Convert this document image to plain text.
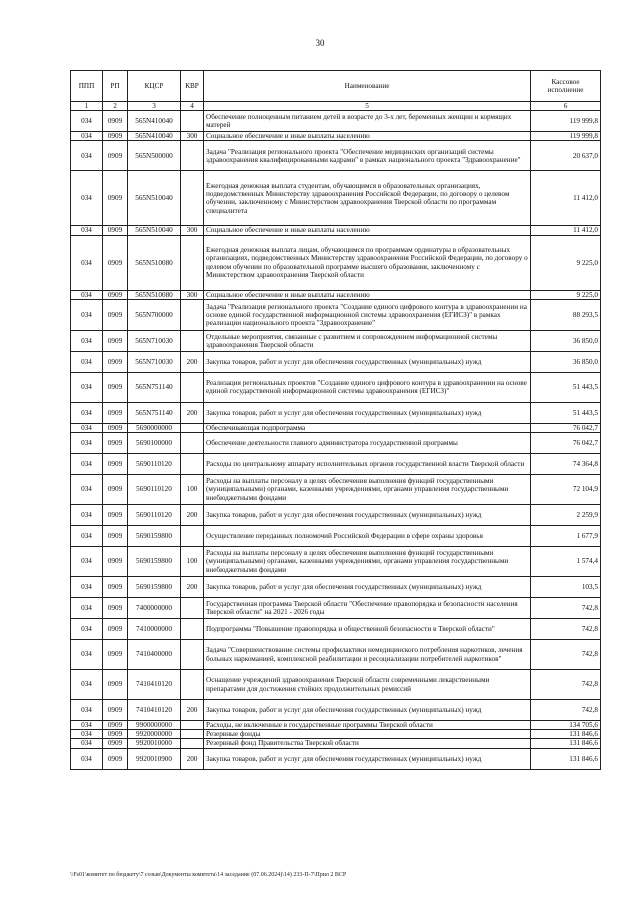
30
ППП	РП	КЦСР	КВР	Наименование	Кассовое исполнение
1	2	3	4	5	6
034	0909	565N410040		Обеспечение полноценным питанием детей в возрасте до 3-х лет, беременных женщин и кормящих матерей	119 999,8
034	0909	565N410040	300	Социальное обеспечение и иные выплаты населению	119 999,8
034	0909	565N500000		Задача "Реализация регионального проекта "Обеспечение медицинских организаций системы здравоохранения квалифицированными кадрами" в рамках национального проекта "Здравоохранение"	20 637,0
034	0909	565N510040		Ежегодная денежная выплата студентам, обучающимся в образовательных организациях, подведомственных Министерству здравоохранения Российской Федерации, по договору о целевом обучении, заключенному с Министерством здравоохранения Тверской области по программам специалитета	11 412,0
034	0909	565N510040	300	Социальное обеспечение и иные выплаты населению	11 412,0
034	0909	565N510080		Ежегодная денежная выплата лицам, обучающимся по программам ординатуры в образовательных организациях, подведомственных Министерству здравоохранения Российской Федерации, по договору о целевом обучении по образовательной программе высшего образования, заключенному с Министерством здравоохранения Тверской области	9 225,0
034	0909	565N510080	300	Социальное обеспечение и иные выплаты населению	9 225,0
034	0909	565N700000		Задача "Реализация регионального проекта "Создание единого цифрового контура в здравоохранении на основе единой государственной информационной системы здравоохранения (ЕГИСЗ)" в рамках реализации национального проекта "Здравоохранение"	88 293,5
034	0909	565N710030		Отдельные мероприятия, связанные с развитием и сопровождением информационной системы здравоохранения Тверской области	36 850,0
034	0909	565N710030	200	Закупка товаров, работ и услуг для обеспечения государственных (муниципальных) нужд	36 850,0
034	0909	565N751140		Реализация региональных проектов "Создание единого цифрового контура в здравоохранении на основе единой государственной информационной системы здравоохранения (ЕГИСЗ)"	51 443,5
034	0909	565N751140	200	Закупка товаров, работ и услуг для обеспечения государственных (муниципальных) нужд	51 443,5
034	0909	5690000000		Обеспечивающая подпрограмма	76 042,7
034	0909	5690100000		Обеспечение деятельности главного администратора государственной программы	76 042,7
034	0909	5690110120		Расходы по центральному аппарату исполнительных органов государственной власти Тверской области	74 364,8
034	0909	5690110120	100	Расходы на выплаты персоналу в целях обеспечения выполнения функций государственными (муниципальными) органами, казенными учреждениями, органами управления государственными внебюджетными фондами	72 104,9
034	0909	5690110120	200	Закупка товаров, работ и услуг для обеспечения государственных (муниципальных) нужд	2 259,9
034	0909	5690159800		Осуществление переданных полномочий Российской Федерации в сфере охраны здоровья	1 677,9
034	0909	5690159800	100	Расходы на выплаты персоналу в целях обеспечения выполнения функций государственными (муниципальными) органами, казенными учреждениями, органами управления государственными внебюджетными фондами	1 574,4
034	0909	5690159800	200	Закупка товаров, работ и услуг для обеспечения государственных (муниципальных) нужд	103,5
034	0909	7400000000		Государственная программа Тверской области "Обеспечение правопорядка и безопасности населения Тверской области" на 2021 - 2026 годы	742,8
034	0909	7410000000		Подпрограмма "Повышение правопорядка и общественной безопасности в Тверской области"	742,8
034	0909	7410400000		Задача "Совершенствование системы профилактики немедицинского потребления наркотиков, лечения больных наркоманией, комплексной реабилитации и ресоциализации потребителей наркотиков"	742,8
034	0909	7410410120		Оснащение учреждений здравоохранения Тверской области современными лекарственными препаратами для достижения стойких продолжительных ремиссий	742,8
034	0909	7410410120	200	Закупка товаров, работ и услуг для обеспечения государственных (муниципальных) нужд	742,8
034	0909	9900000000		Расходы, не включенные в государственные программы Тверской области	134 705,6
034	0909	9920000000		Резервные фонды	131 846,6
034	0909	9920010000		Резервный фонд Правительства Тверской области	131 846,6
034	0909	9920010900	200	Закупка товаров, работ и услуг для обеспечения государственных (муниципальных) нужд	131 846,6
\\Fs01\комитет по бюджету\7 созыв\Документы комитета\14 заседание (07.06.2024)\14) 233-П-7\Прил 2 ВСР
